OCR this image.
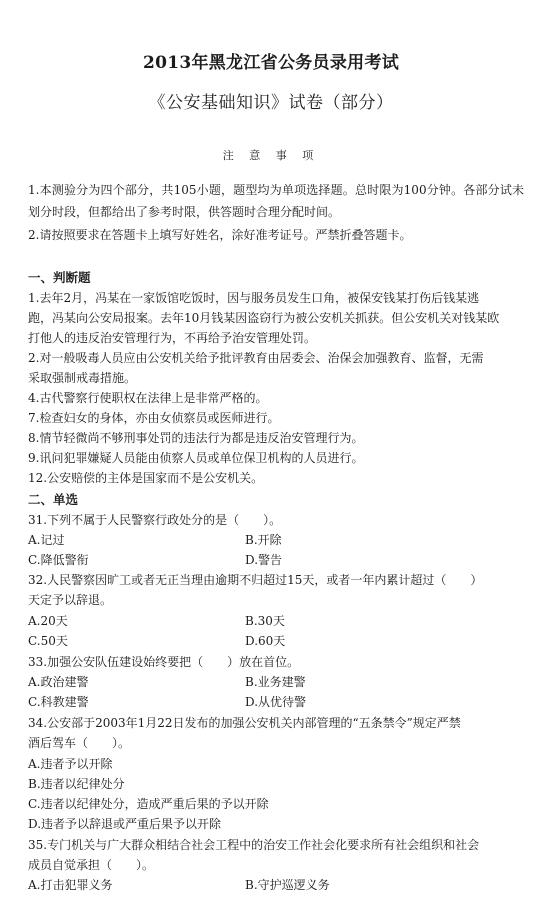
2013年黑龙江省公务员录用考试
《公安基础知识》试卷（部分）
注 意 事 项
1.本测验分为四个部分，共105小题，题型均为单项选择题。总时限为100分钟。各部分试未划分时段，但都给出了参考时限，供答题时合理分配时间。
2.请按照要求在答题卡上填写好姓名，涂好准考证号。严禁折叠答题卡。
一、判断题
1.去年2月，冯某在一家饭馆吃饭时，因与服务员发生口角，被保安钱某打伤后钱某逃
跑，冯某向公安局报案。去年10月钱某因盗窃行为被公安机关抓获。但公安机关对钱某欧
打他人的违反治安管理行为，不再给予治安管理处罚。
2.对一般吸毒人员应由公安机关给予批评教育由居委会、治保会加强教育、监督，无需
采取强制戒毒措施。
4.古代警察行使职权在法律上是非常严格的。
7.检查妇女的身体，亦由女侦察员或医师进行。
8.情节轻微尚不够刑事处罚的违法行为都是违反治安管理行为。
9.讯问犯罪嫌疑人员能由侦察人员或单位保卫机构的人员进行。
12.公安赔偿的主体是国家而不是公安机关。
二、单选
31.下列不属于人民警察行政处分的是（　　）。
A.记过	B.开除
C.降低警衔	D.警告
32.人民警察因旷工或者无正当理由逾期不归超过15天，或者一年内累计超过（　　）
天定予以辞退。
A.20天	B.30天
C.50天	D.60天
33.加强公安队伍建设始终要把（　　）放在首位。
A.政治建警	B.业务建警
C.科教建警	D.从优待警
34.公安部于2003年1月22日发布的加强公安机关内部管理的“五条禁令”规定严禁
酒后驾车（　　）。
A.违者予以开除
B.违者以纪律处分
C.违者以纪律处分，造成严重后果的予以开除
D.违者予以辞退或严重后果予以开除
35.专门机关与广大群众相结合社会工程中的治安工作社会化要求所有社会组织和社会
成员自觉承担（　　）。
A.打击犯罪义务	B.守护巡逻义务
